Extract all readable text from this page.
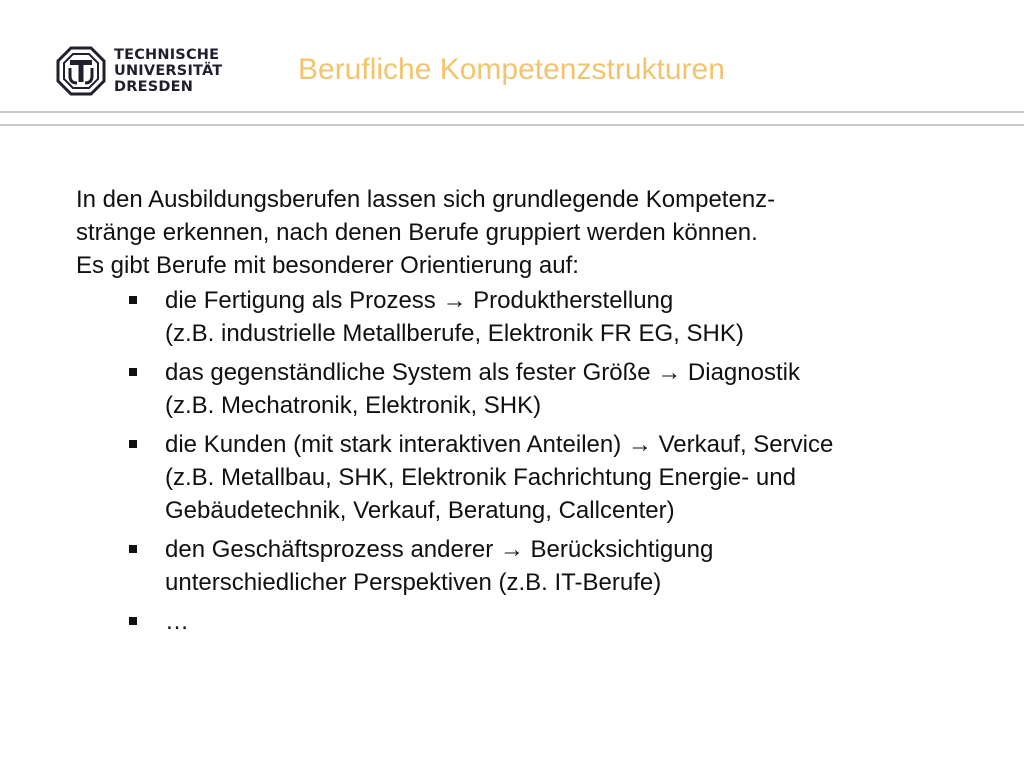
TECHNISCHE
UNIVERSITÄT
DRESDEN
Berufliche Kompetenzstrukturen

In den Ausbildungsberufen lassen sich grundlegende Kompetenz-

stränge erkennen, nach denen Berufe gruppiert werden können.

Es gibt Berufe mit besonderer Orientierung auf:

die Fertigung als Prozess → Produktherstellung
(z.B. industrielle Metallberufe, Elektronik FR EG, SHK)
das gegenständliche System als fester Größe → Diagnostik
(z.B. Mechatronik, Elektronik, SHK)
die Kunden (mit stark interaktiven Anteilen) → Verkauf, Service
(z.B. Metallbau, SHK, Elektronik Fachrichtung Energie- und
Gebäudetechnik, Verkauf, Beratung, Callcenter)
den Geschäftsprozess anderer → Berücksichtigung
unterschiedlicher Perspektiven (z.B. IT-Berufe)
…
